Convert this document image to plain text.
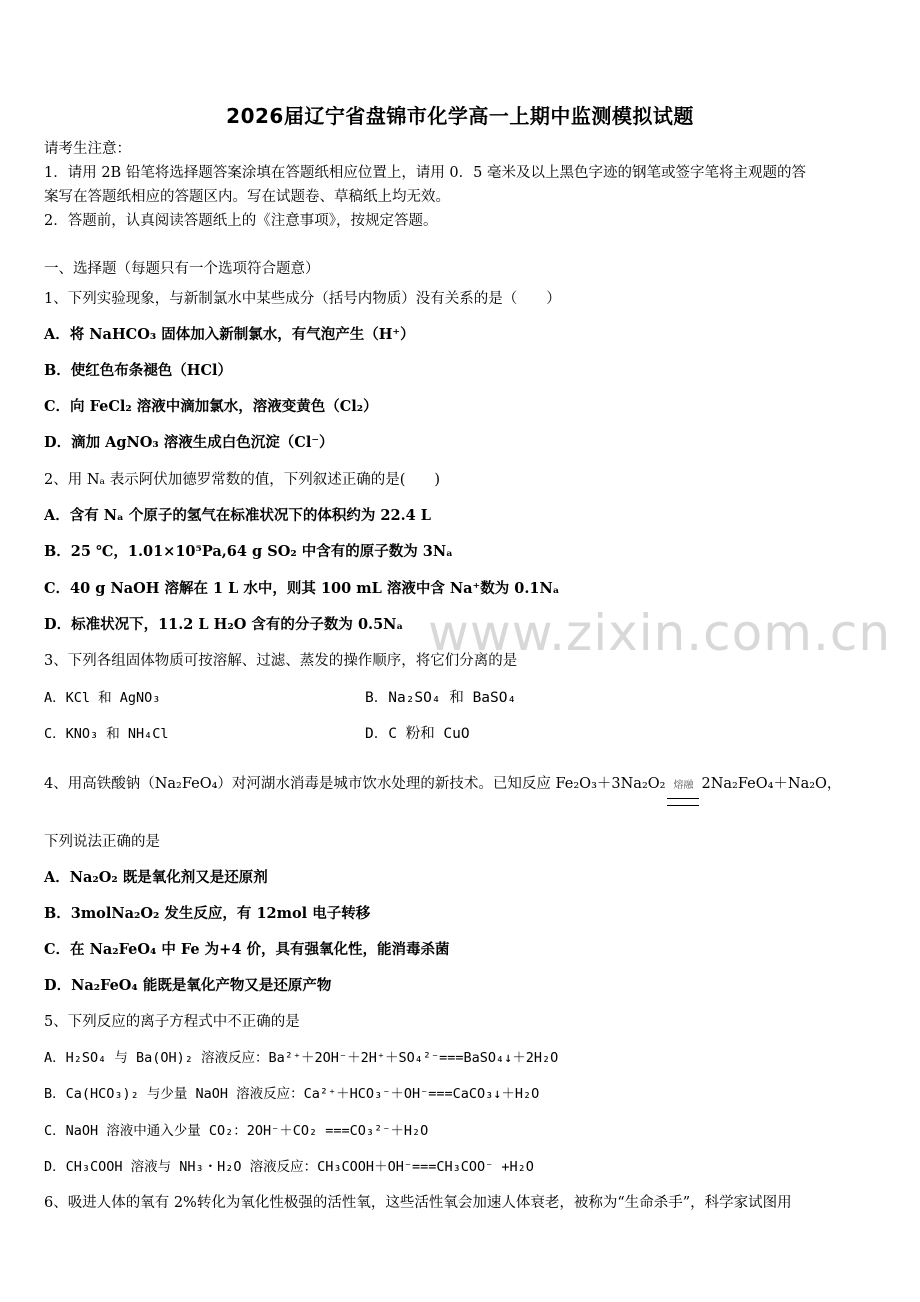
2026届辽宁省盘锦市化学高一上期中监测模拟试题
请考生注意：
1．请用 2B 铅笔将选择题答案涂填在答题纸相应位置上，请用 0．5 毫米及以上黑色字迹的钢笔或签字笔将主观题的答
案写在答题纸相应的答题区内。写在试题卷、草稿纸上均无效。
2．答题前，认真阅读答题纸上的《注意事项》，按规定答题。
一、选择题（每题只有一个选项符合题意）
1、下列实验现象，与新制氯水中某些成分（括号内物质）没有关系的是（　　）
A．将 NaHCO₃ 固体加入新制氯水，有气泡产生（H⁺）
B．使红色布条褪色（HCl）
C．向 FeCl₂ 溶液中滴加氯水，溶液变黄色（Cl₂）
D．滴加 AgNO₃ 溶液生成白色沉淀（Cl⁻）
2、用 Nₐ 表示阿伏加德罗常数的值，下列叙述正确的是(　　)
A．含有 Nₐ 个原子的氢气在标准状况下的体积约为 22.4 L
B．25 ℃，1.01×10⁵Pa,64 g SO₂ 中含有的原子数为 3Nₐ
C．40 g NaOH 溶解在 1 L 水中，则其 100 mL 溶液中含 Na⁺数为 0.1Nₐ
D．标准状况下，11.2 L H₂O 含有的分子数为 0.5Nₐ www.zixin.com.cn
3、下列各组固体物质可按溶解、过滤、蒸发的操作顺序，将它们分离的是
A．KCl 和 AgNO₃	B．Na₂SO₄ 和 BaSO₄
C．KNO₃ 和 NH₄Cl	D．C 粉和 CuO
4、用高铁酸钠（Na₂FeO₄）对河湖水消毒是城市饮水处理的新技术。已知反应 Fe₂O₃＋3Na₂O₂ 熔融 2Na₂FeO₄＋Na₂O，
下列说法正确的是
A．Na₂O₂ 既是氧化剂又是还原剂
B．3molNa₂O₂ 发生反应，有 12mol 电子转移
C．在 Na₂FeO₄ 中 Fe 为+4 价，具有强氧化性，能消毒杀菌
D．Na₂FeO₄ 能既是氧化产物又是还原产物
5、下列反应的离子方程式中不正确的是
A．H₂SO₄ 与 Ba(OH)₂ 溶液反应：Ba²⁺＋2OH⁻＋2H⁺＋SO₄²⁻===BaSO₄↓＋2H₂O
B．Ca(HCO₃)₂ 与少量 NaOH 溶液反应：Ca²⁺＋HCO₃⁻＋OH⁻===CaCO₃↓＋H₂O
C．NaOH 溶液中通入少量 CO₂：2OH⁻＋CO₂ ===CO₃²⁻＋H₂O
D．CH₃COOH 溶液与 NH₃・H₂O 溶液反应：CH₃COOH＋OH⁻===CH₃COO⁻ +H₂O
6、吸进人体的氧有 2%转化为氧化性极强的活性氧，这些活性氧会加速人体衰老，被称为“生命杀手”，科学家试图用
